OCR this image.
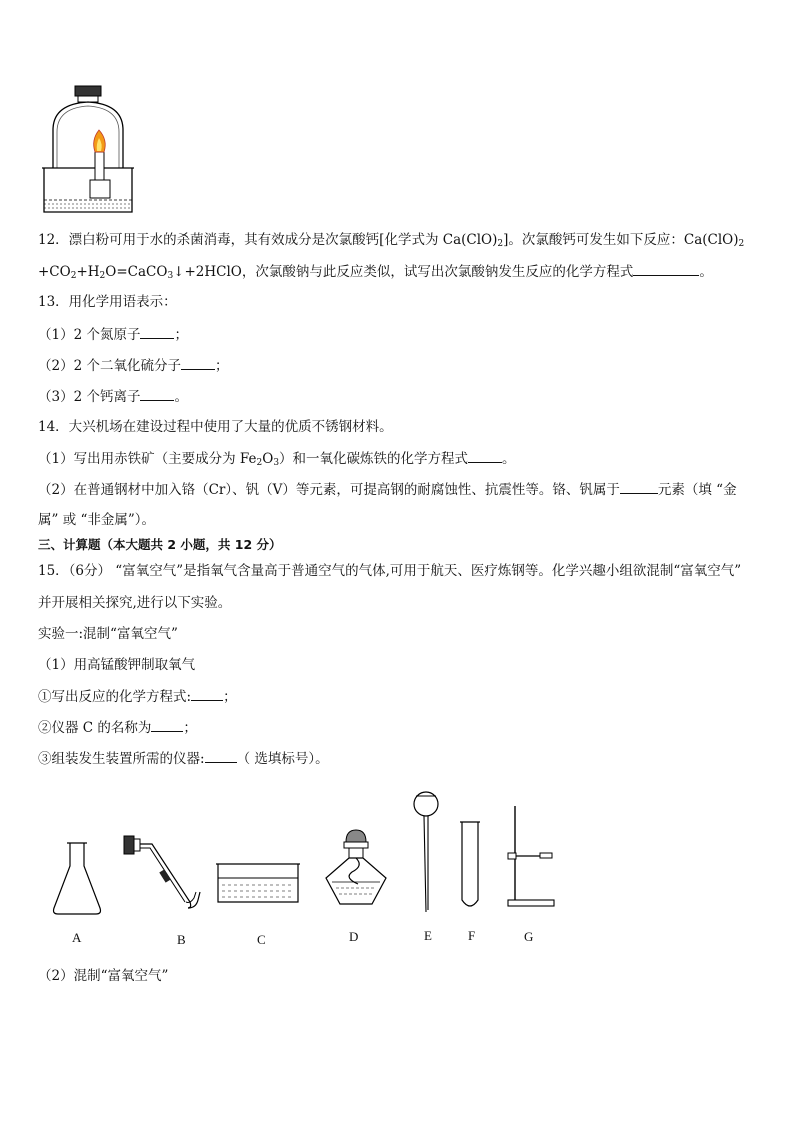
12．漂白粉可用于水的杀菌消毒，其有效成分是次氯酸钙[化学式为 $Ca(ClO)_2$]。次氯酸钙可发生如下反应：$Ca(ClO)_2$
$+CO_2+H_2O=CaCO_3↓+2HClO$，次氯酸钠与此反应类似，试写出次氯酸钠发生反应的化学方程式	。
13．用化学用语表示：
（1）2 个氮原子	；
（2）2 个二氧化硫分子	；
（3）2 个钙离子	。
14．大兴机场在建设过程中使用了大量的优质不锈钢材料。
（1）写出用赤铁矿（主要成分为 $Fe_2O_3$）和一氧化碳炼铁的化学方程式	。
（2）在普通钢材中加入铬（Cr）、钒（V）等元素，可提高钢的耐腐蚀性、抗震性等。铬、钒属于	元素（填 “金
属” 或 “非金属”）。
三、计算题（本大题共 2 小题，共 12 分）
15．（6分） “富氧空气”是指氧气含量高于普通空气的气体,可用于航天、医疗炼钢等。化学兴趣小组欲混制“富氧空气”
并开展相关探究,进行以下实验。
实验一:混制“富氧空气”
（1）用高锰酸钾制取氧气
①写出反应的化学方程式: ；
②仪器 C 的名称为 ；
③组装发生装置所需的仪器: （ 选填标号）。
A	B	C	D	E	F	G
（2）混制“富氧空气”
